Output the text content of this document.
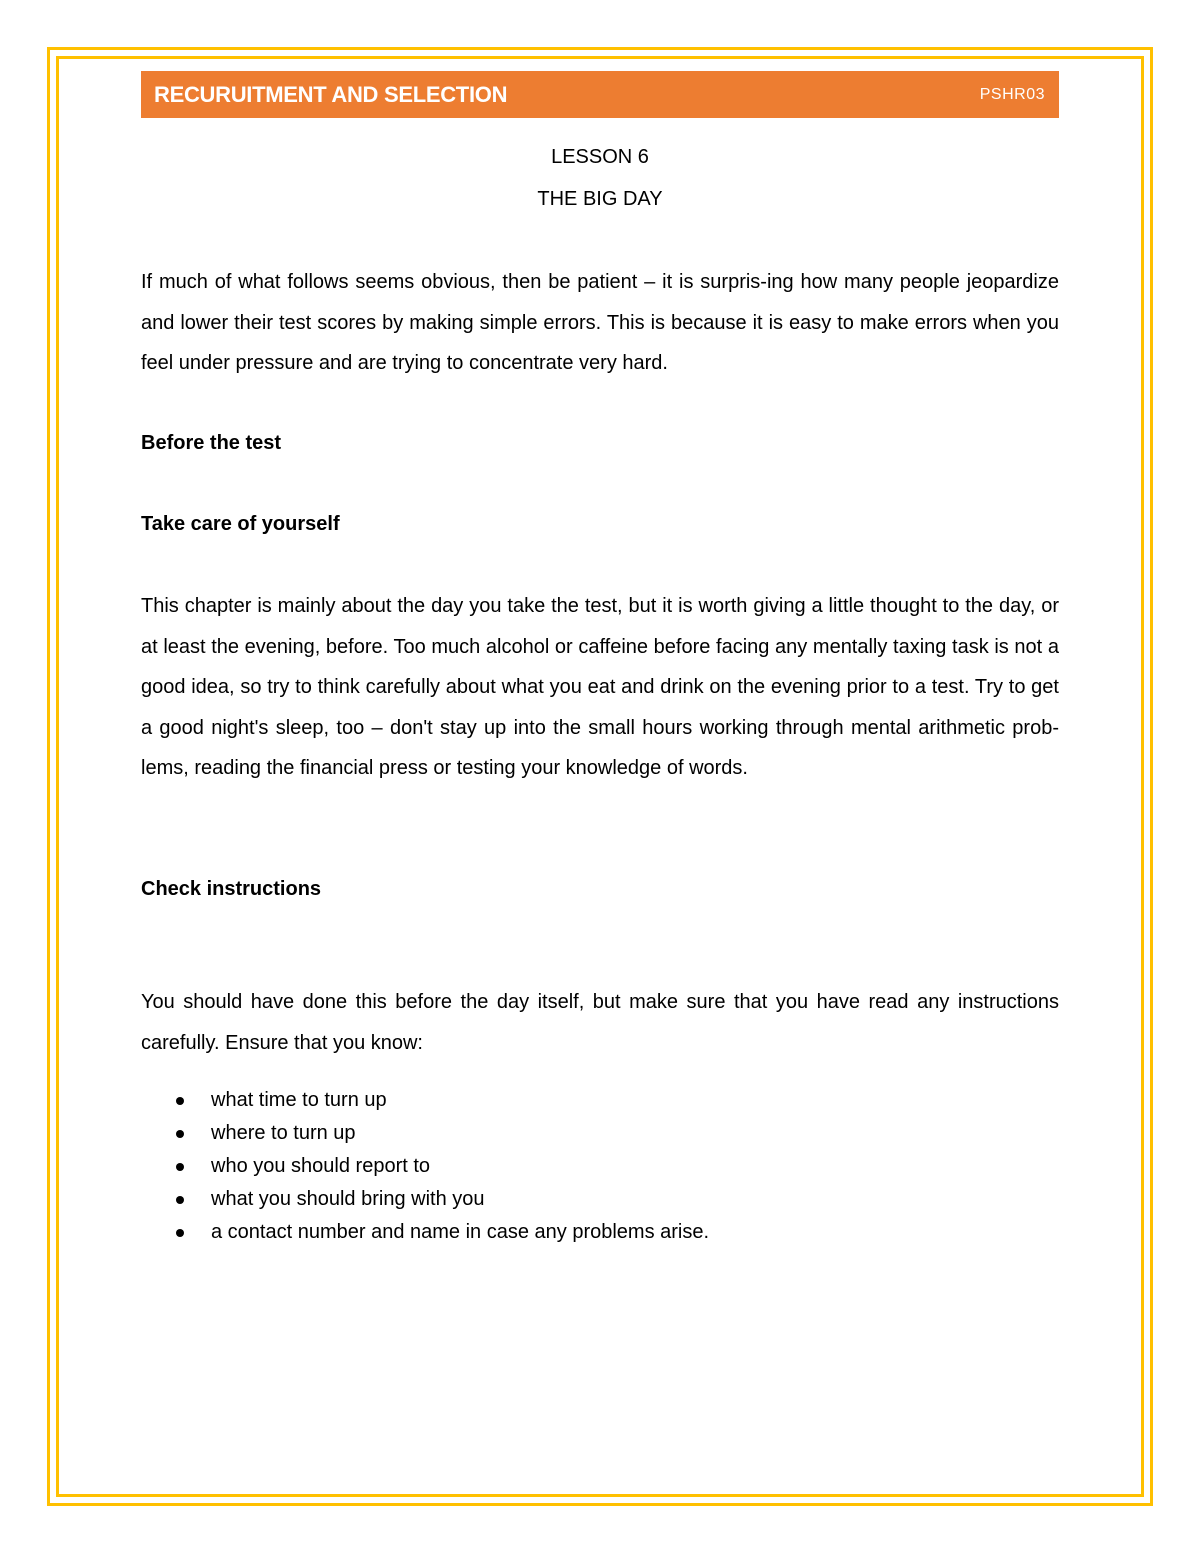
RECURUITMENT AND SELECTION	PSHR03
LESSON 6
THE BIG DAY

If much of what follows seems obvious, then be patient – it is surpris-ing how many people jeopardize and lower their test scores by making simple errors. This is because it is easy to make errors when you feel under pressure and are trying to concentrate very hard.

Before the test
Take care of yourself

This chapter is mainly about the day you take the test, but it is worth giving a little thought to the day, or at least the evening, before. Too much alcohol or caffeine before facing any mentally taxing task is not a good idea, so try to think carefully about what you eat and drink on the evening prior to a test. Try to get a good night's sleep, too – don't stay up into the small hours working through mental arithmetic prob-lems, reading the financial press or testing your knowledge of words.

Check instructions

You should have done this before the day itself, but make sure that you have read any instructions carefully. Ensure that you know:

what time to turn up
where to turn up
who you should report to
what you should bring with you
a contact number and name in case any problems arise.
